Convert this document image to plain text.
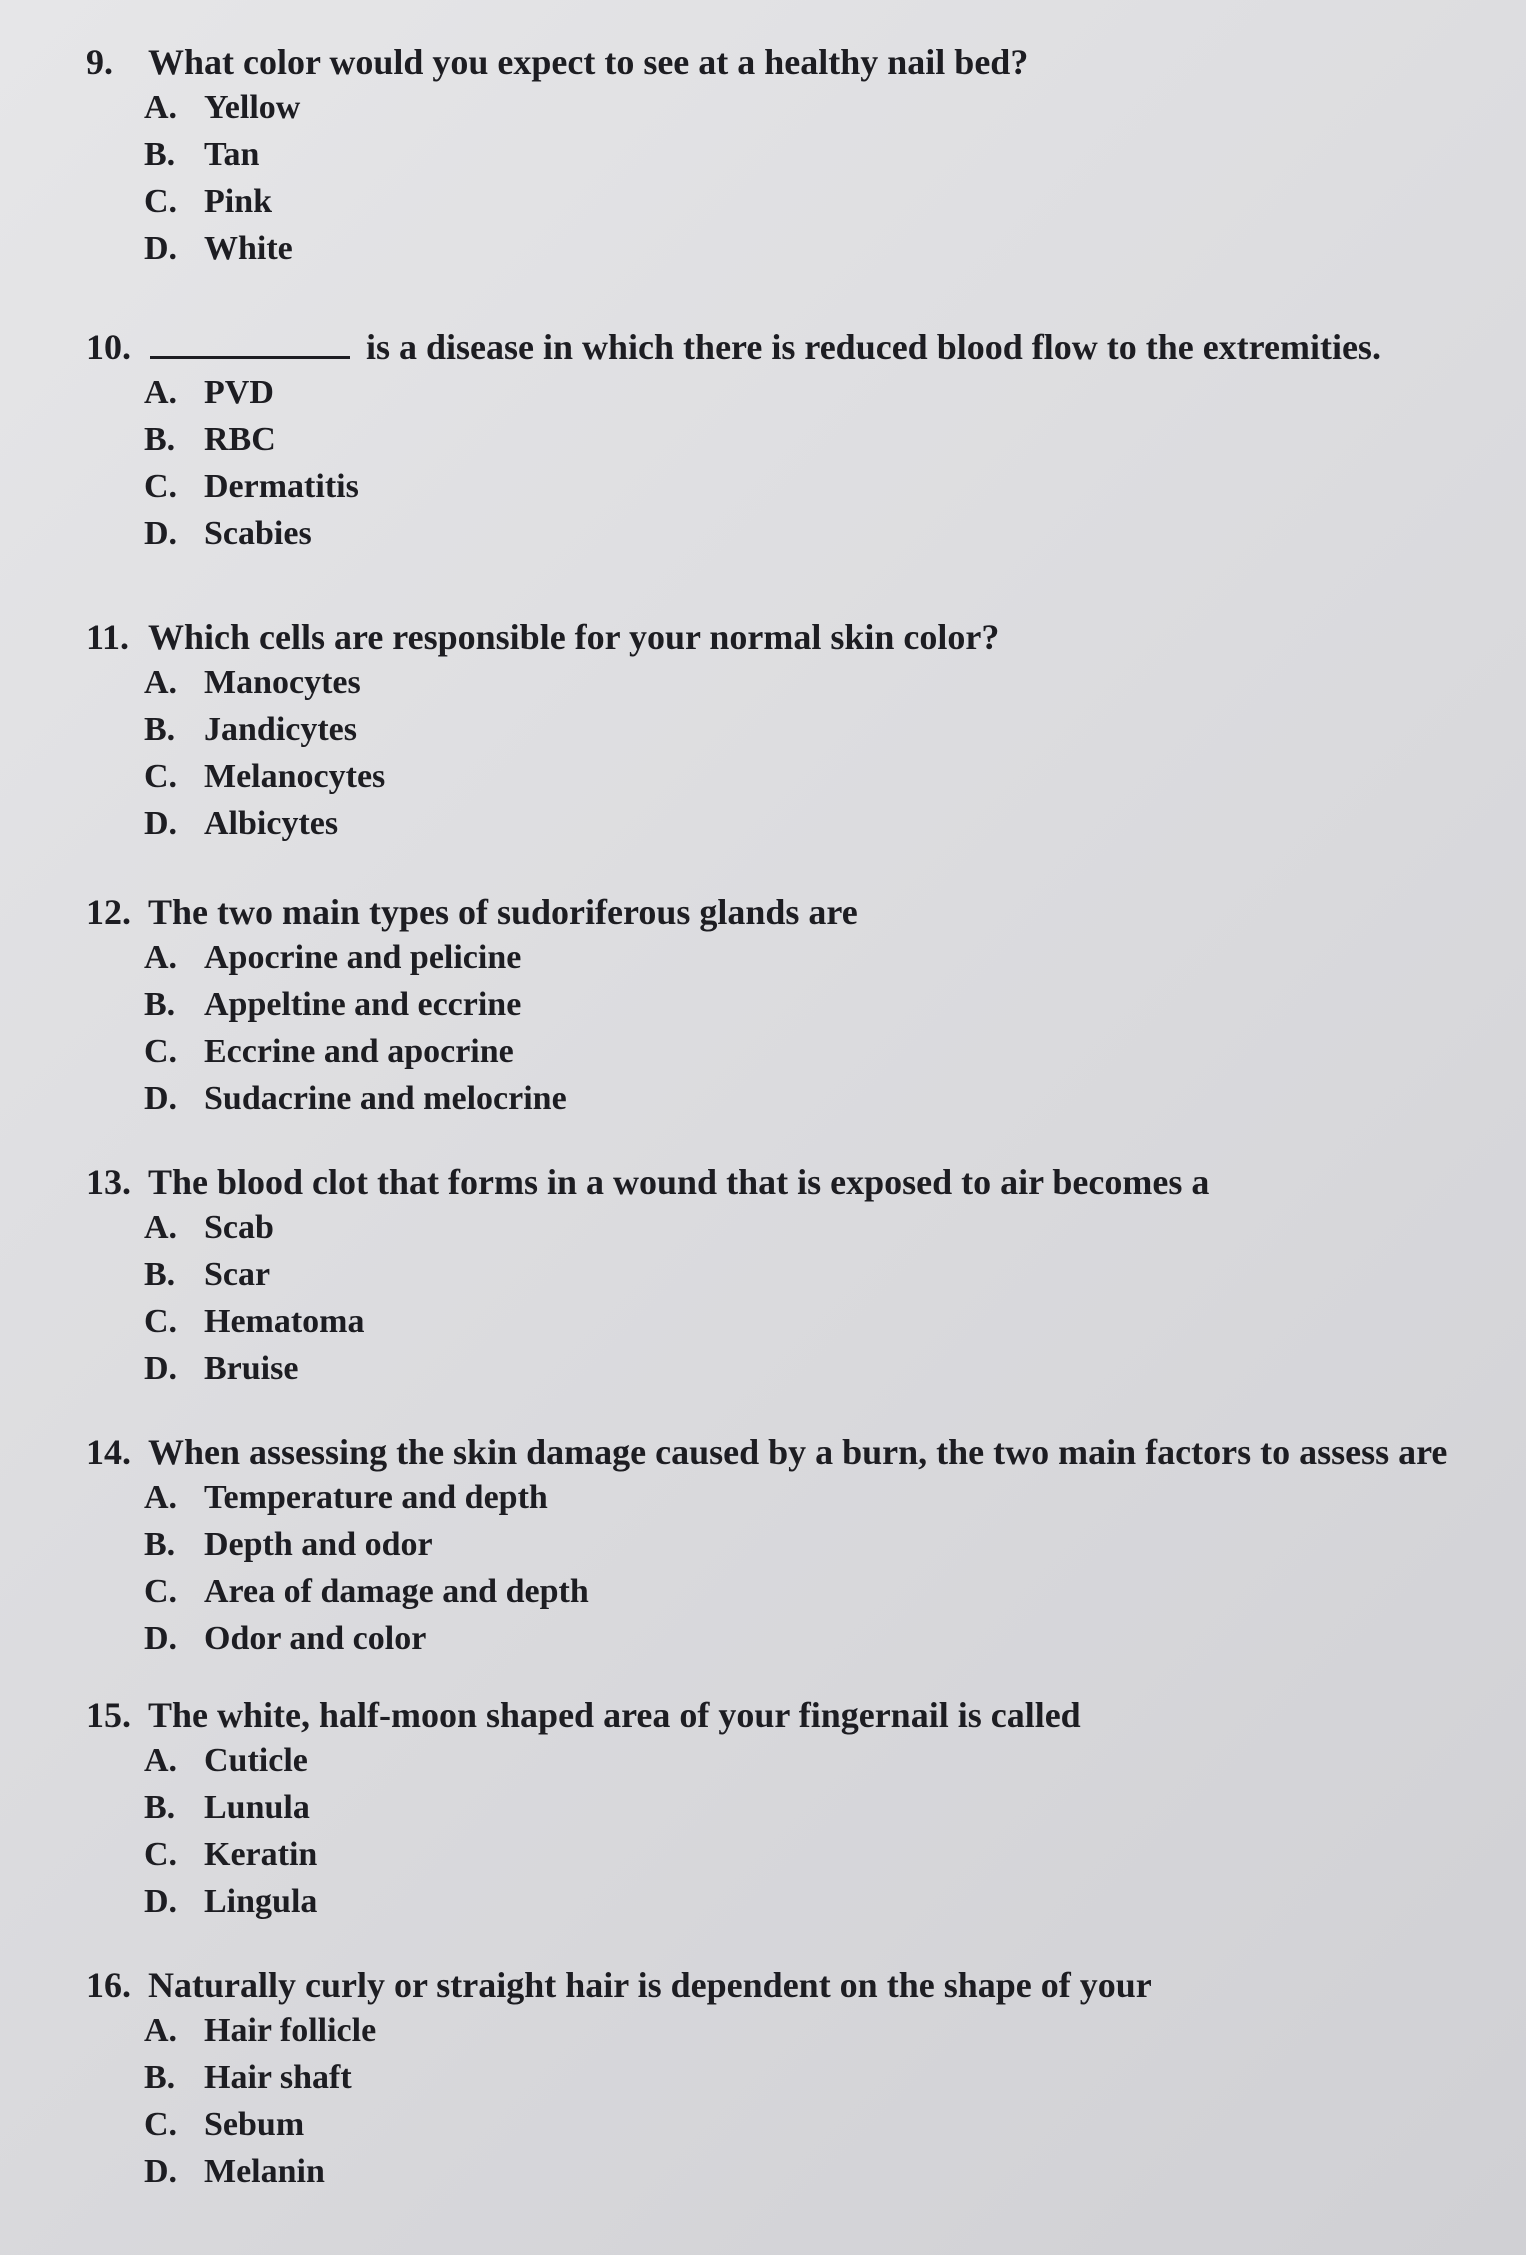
9. What color would you expect to see at a healthy nail bed?
A. Yellow
B. Tan
C. Pink
D. White
10.	is a disease in which there is reduced blood flow to the extremities.
A. PVD
B. RBC
C. Dermatitis
D. Scabies
11. Which cells are responsible for your normal skin color?
A. Manocytes
B. Jandicytes
C. Melanocytes
D. Albicytes
12. The two main types of sudoriferous glands are
A. Apocrine and pelicine
B. Appeltine and eccrine
C. Eccrine and apocrine
D. Sudacrine and melocrine
13. The blood clot that forms in a wound that is exposed to air becomes a
A. Scab
B. Scar
C. Hematoma
D. Bruise
14. When assessing the skin damage caused by a burn, the two main factors to assess are
A. Temperature and depth
B. Depth and odor
C. Area of damage and depth
D. Odor and color
15. The white, half-moon shaped area of your fingernail is called
A. Cuticle
B. Lunula
C. Keratin
D. Lingula
16. Naturally curly or straight hair is dependent on the shape of your
A. Hair follicle
B. Hair shaft
C. Sebum
D. Melanin
